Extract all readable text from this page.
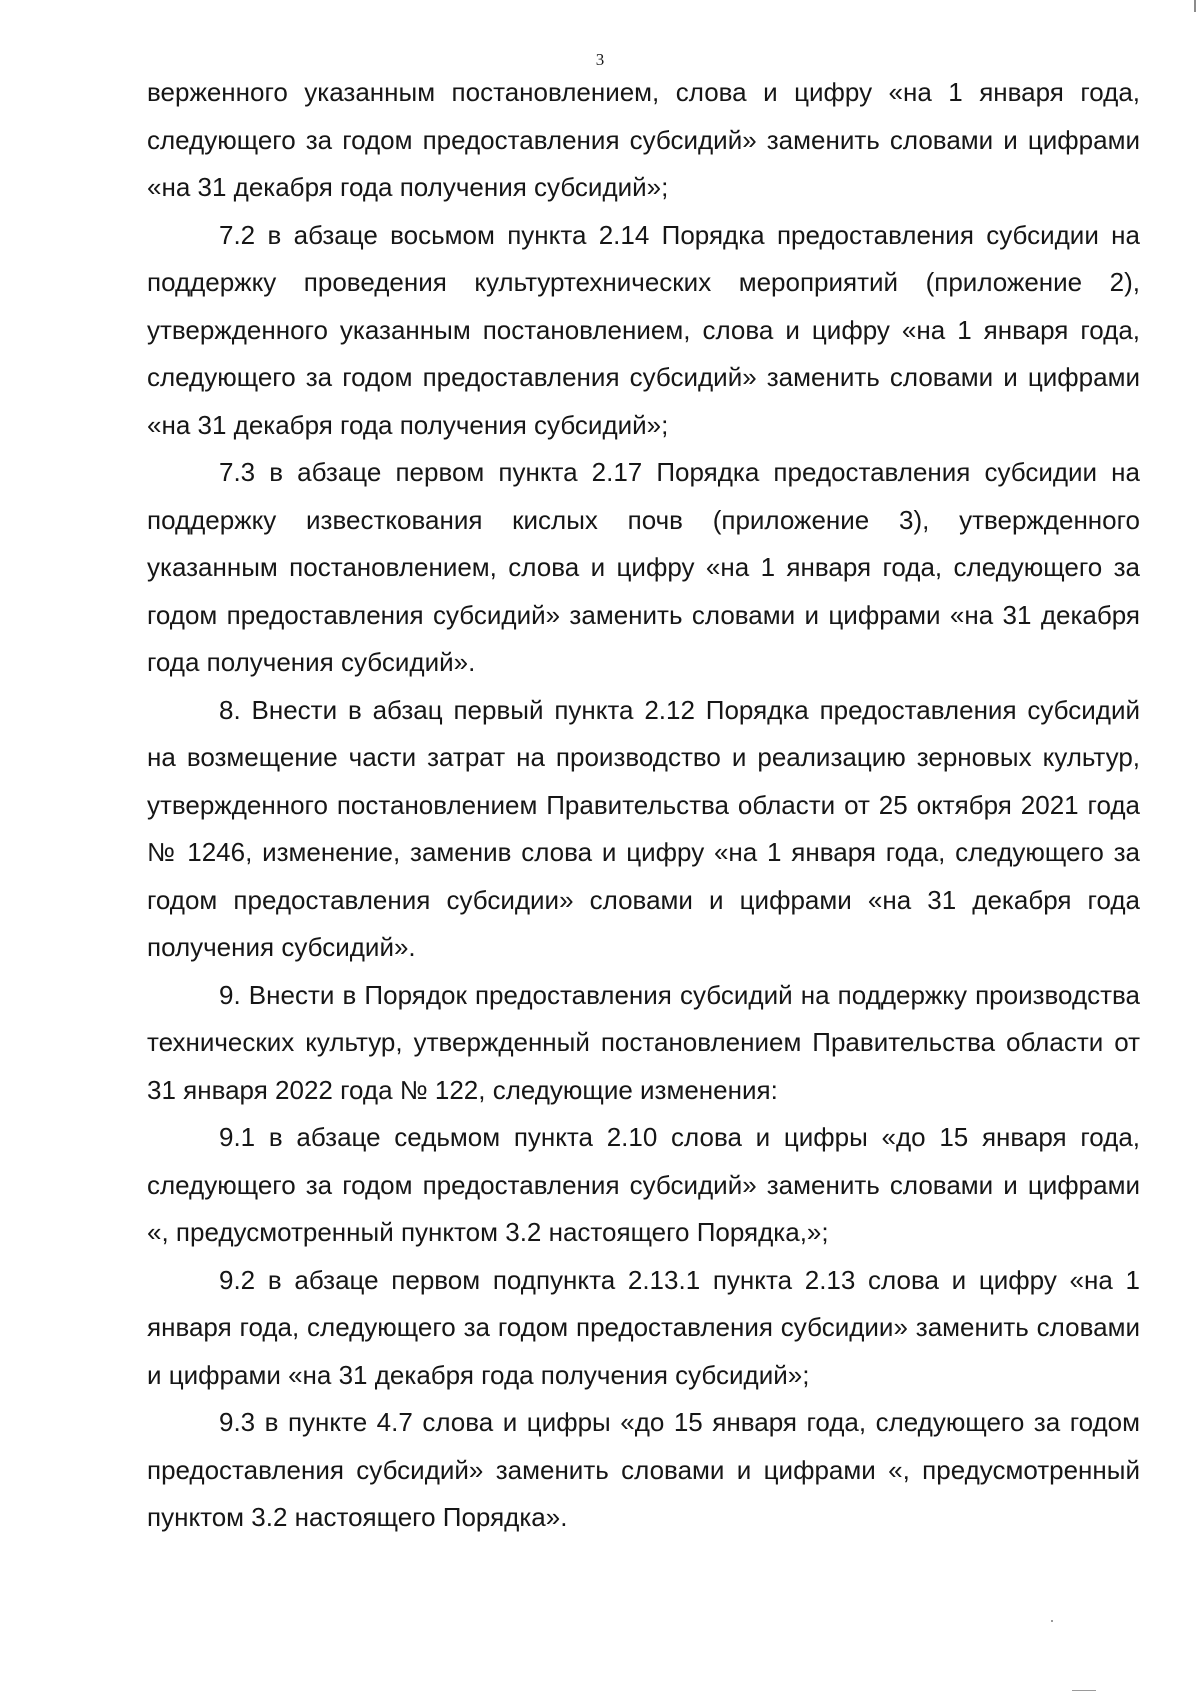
3

верженного указанным постановлением, слова и цифру «на 1 января года, следующего за годом предоставления субсидий» заменить словами и цифрами «на 31 декабря года получения субсидий»;

7.2 в абзаце восьмом пункта 2.14 Порядка предоставления субсидии на поддержку проведения культуртехнических мероприятий (приложение 2), утвержденного указанным постановлением, слова и цифру «на 1 января года, следующего за годом предоставления субсидий» заменить словами и цифрами «на 31 декабря года получения субсидий»;

7.3 в абзаце первом пункта 2.17 Порядка предоставления субсидии на поддержку известкования кислых почв (приложение 3), утвержденного указанным постановлением, слова и цифру «на 1 января года, следующего за годом предоставления субсидий» заменить словами и цифрами «на 31 декабря года получения субсидий».

8. Внести в абзац первый пункта 2.12 Порядка предоставления субсидий на возмещение части затрат на производство и реализацию зерновых культур, утвержденного постановлением Правительства области от 25 октября 2021 года № 1246, изменение, заменив слова и цифру «на 1 января года, следующего за годом предоставления субсидии» словами и цифрами «на 31 декабря года получения субсидий».

9. Внести в Порядок предоставления субсидий на поддержку производства технических культур, утвержденный постановлением Правительства области от 31 января 2022 года № 122, следующие изменения:

9.1 в абзаце седьмом пункта 2.10 слова и цифры «до 15 января года, следующего за годом предоставления субсидий» заменить словами и цифрами «, предусмотренный пунктом 3.2 настоящего Порядка,»;

9.2 в абзаце первом подпункта 2.13.1 пункта 2.13 слова и цифру «на 1 января года, следующего за годом предоставления субсидии» заменить словами и цифрами «на 31 декабря года получения субсидий»;

9.3 в пункте 4.7 слова и цифры «до 15 января года, следующего за годом предоставления субсидий» заменить словами и цифрами «, предусмотренный пунктом 3.2 настоящего Порядка».
